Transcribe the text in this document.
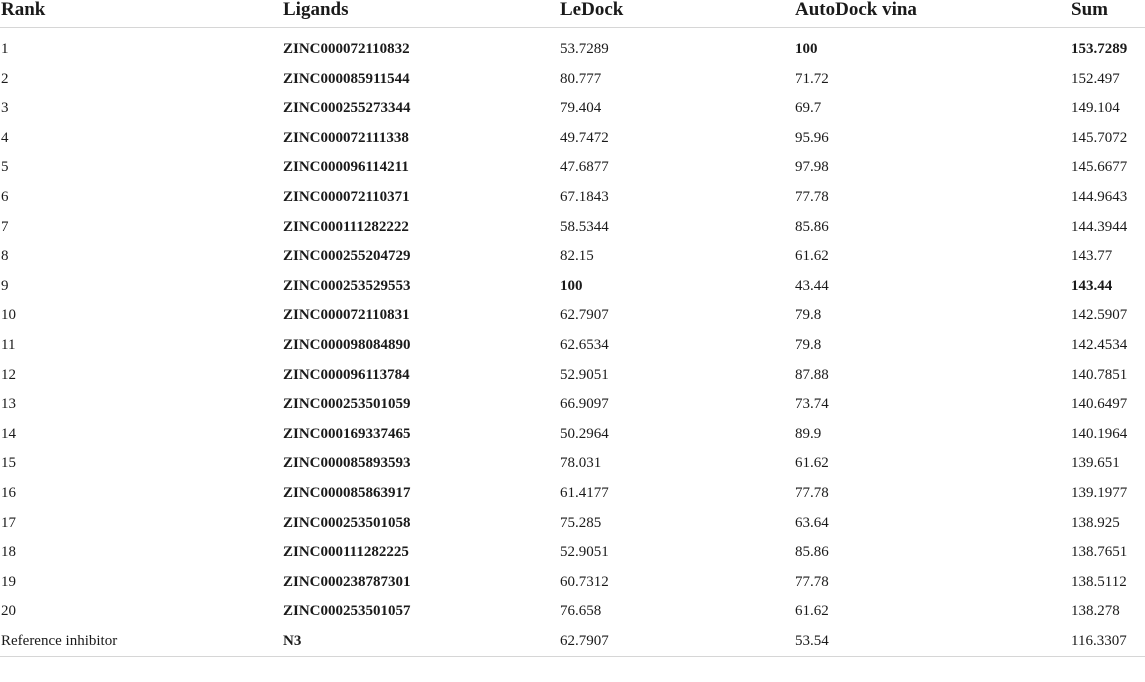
Rank	Ligands	LeDock	AutoDock vina	Sum
1	ZINC000072110832	53.7289	100	153.7289
2	ZINC000085911544	80.777	71.72	152.497
3	ZINC000255273344	79.404	69.7	149.104
4	ZINC000072111338	49.7472	95.96	145.7072
5	ZINC000096114211	47.6877	97.98	145.6677
6	ZINC000072110371	67.1843	77.78	144.9643
7	ZINC000111282222	58.5344	85.86	144.3944
8	ZINC000255204729	82.15	61.62	143.77
9	ZINC000253529553	100	43.44	143.44
10	ZINC000072110831	62.7907	79.8	142.5907
11	ZINC000098084890	62.6534	79.8	142.4534
12	ZINC000096113784	52.9051	87.88	140.7851
13	ZINC000253501059	66.9097	73.74	140.6497
14	ZINC000169337465	50.2964	89.9	140.1964
15	ZINC000085893593	78.031	61.62	139.651
16	ZINC000085863917	61.4177	77.78	139.1977
17	ZINC000253501058	75.285	63.64	138.925
18	ZINC000111282225	52.9051	85.86	138.7651
19	ZINC000238787301	60.7312	77.78	138.5112
20	ZINC000253501057	76.658	61.62	138.278
Reference inhibitor	N3	62.7907	53.54	116.3307
